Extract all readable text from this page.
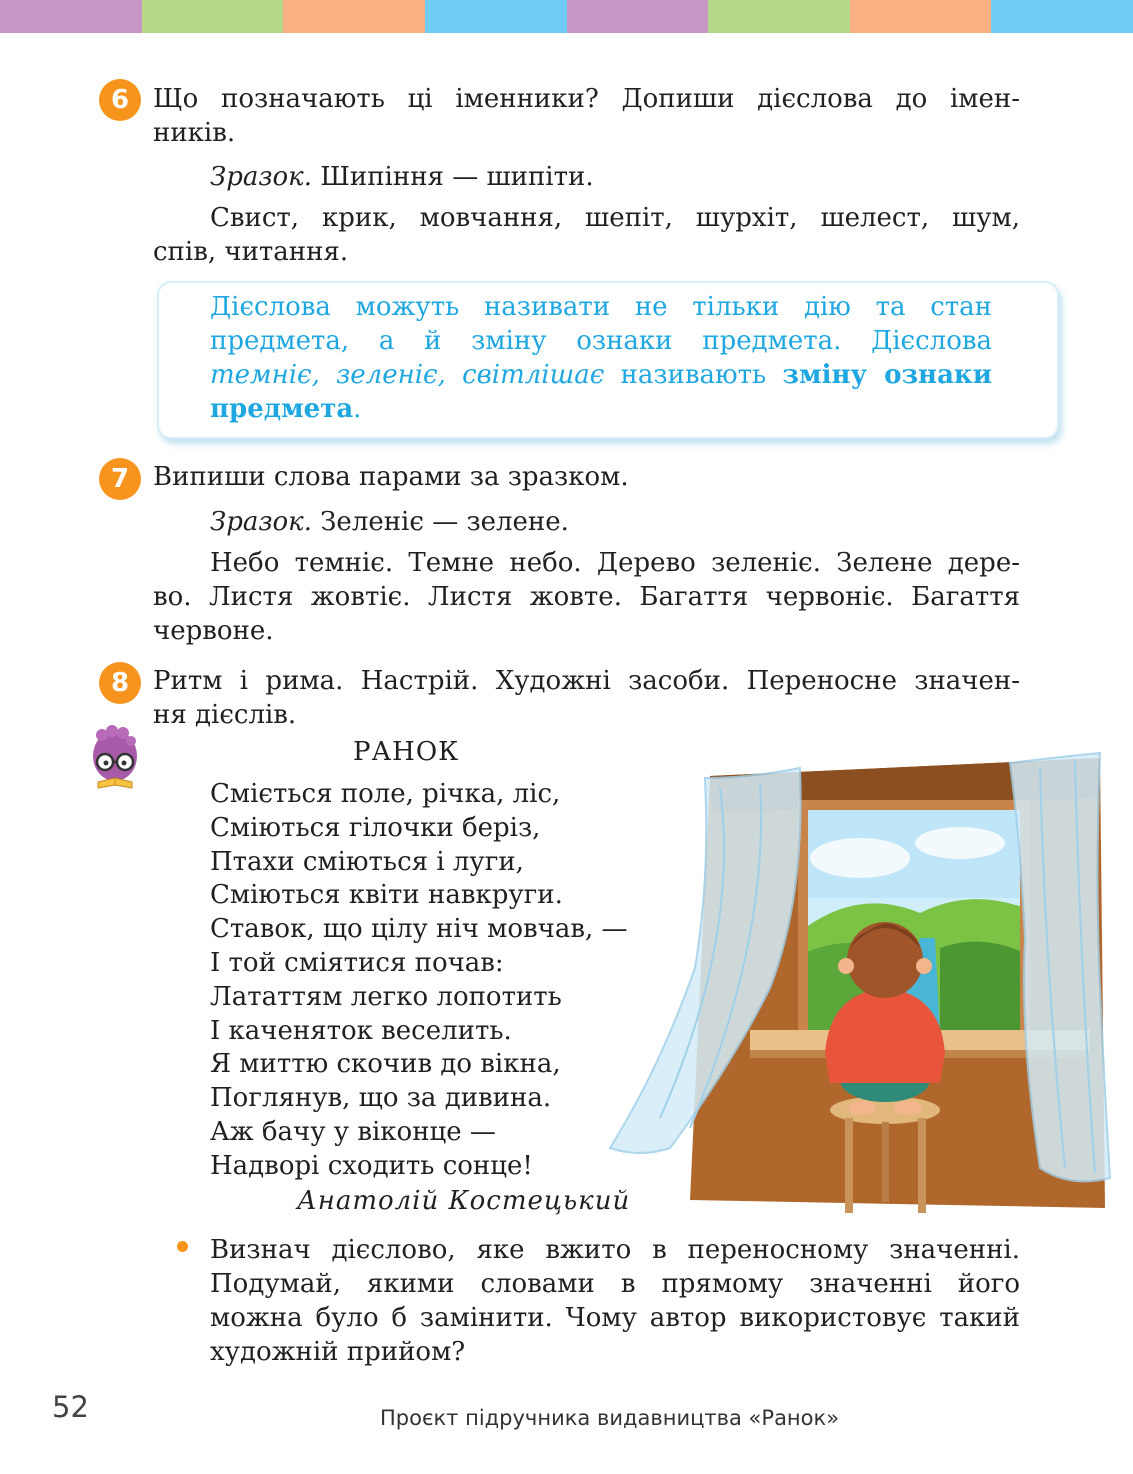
6 Що позначають ці іменники? Допиши дієслова до імен-
ників.
Зразок. Шипіння — шипіти.
Свист, крик, мовчання, шепіт, шурхіт, шелест, шум,
спів, читання.
Дієслова можуть називати не тільки дію та стан
предмета, а й зміну ознаки предмета. Дієслова
темніє, зеленіє, світлішає називають зміну ознаки
предмета.
7 Випиши слова парами за зразком.
Зразок. Зеленіє — зелене.
Небо темніє. Темне небо. Дерево зеленіє. Зелене дере-
во. Листя жовтіє. Листя жовте. Багаття червоніє. Багаття
червоне.
8 Ритм і рима. Настрій. Художні засоби. Переносне значен-
ня дієслів.
РАНОК
Сміється поле, річка, ліс,
Сміються гілочки беріз,
Птахи сміються і луги,
Сміються квіти навкруги.
Ставок, що цілу ніч мовчав, —
І той сміятися почав:
Лататтям легко лопотить
І каченяток веселить.
Я миттю скочив до вікна,
Поглянув, що за дивина.
Аж бачу у віконце —
Надворі сходить сонце!
Анатолій Костецький
Визнач дієслово, яке вжито в переносному значенні.
Подумай, якими словами в прямому значенні його
можна було б замінити. Чому автор використовує такий
художній прийом?
52	Проєкт підручника видавництва «Ранок»
